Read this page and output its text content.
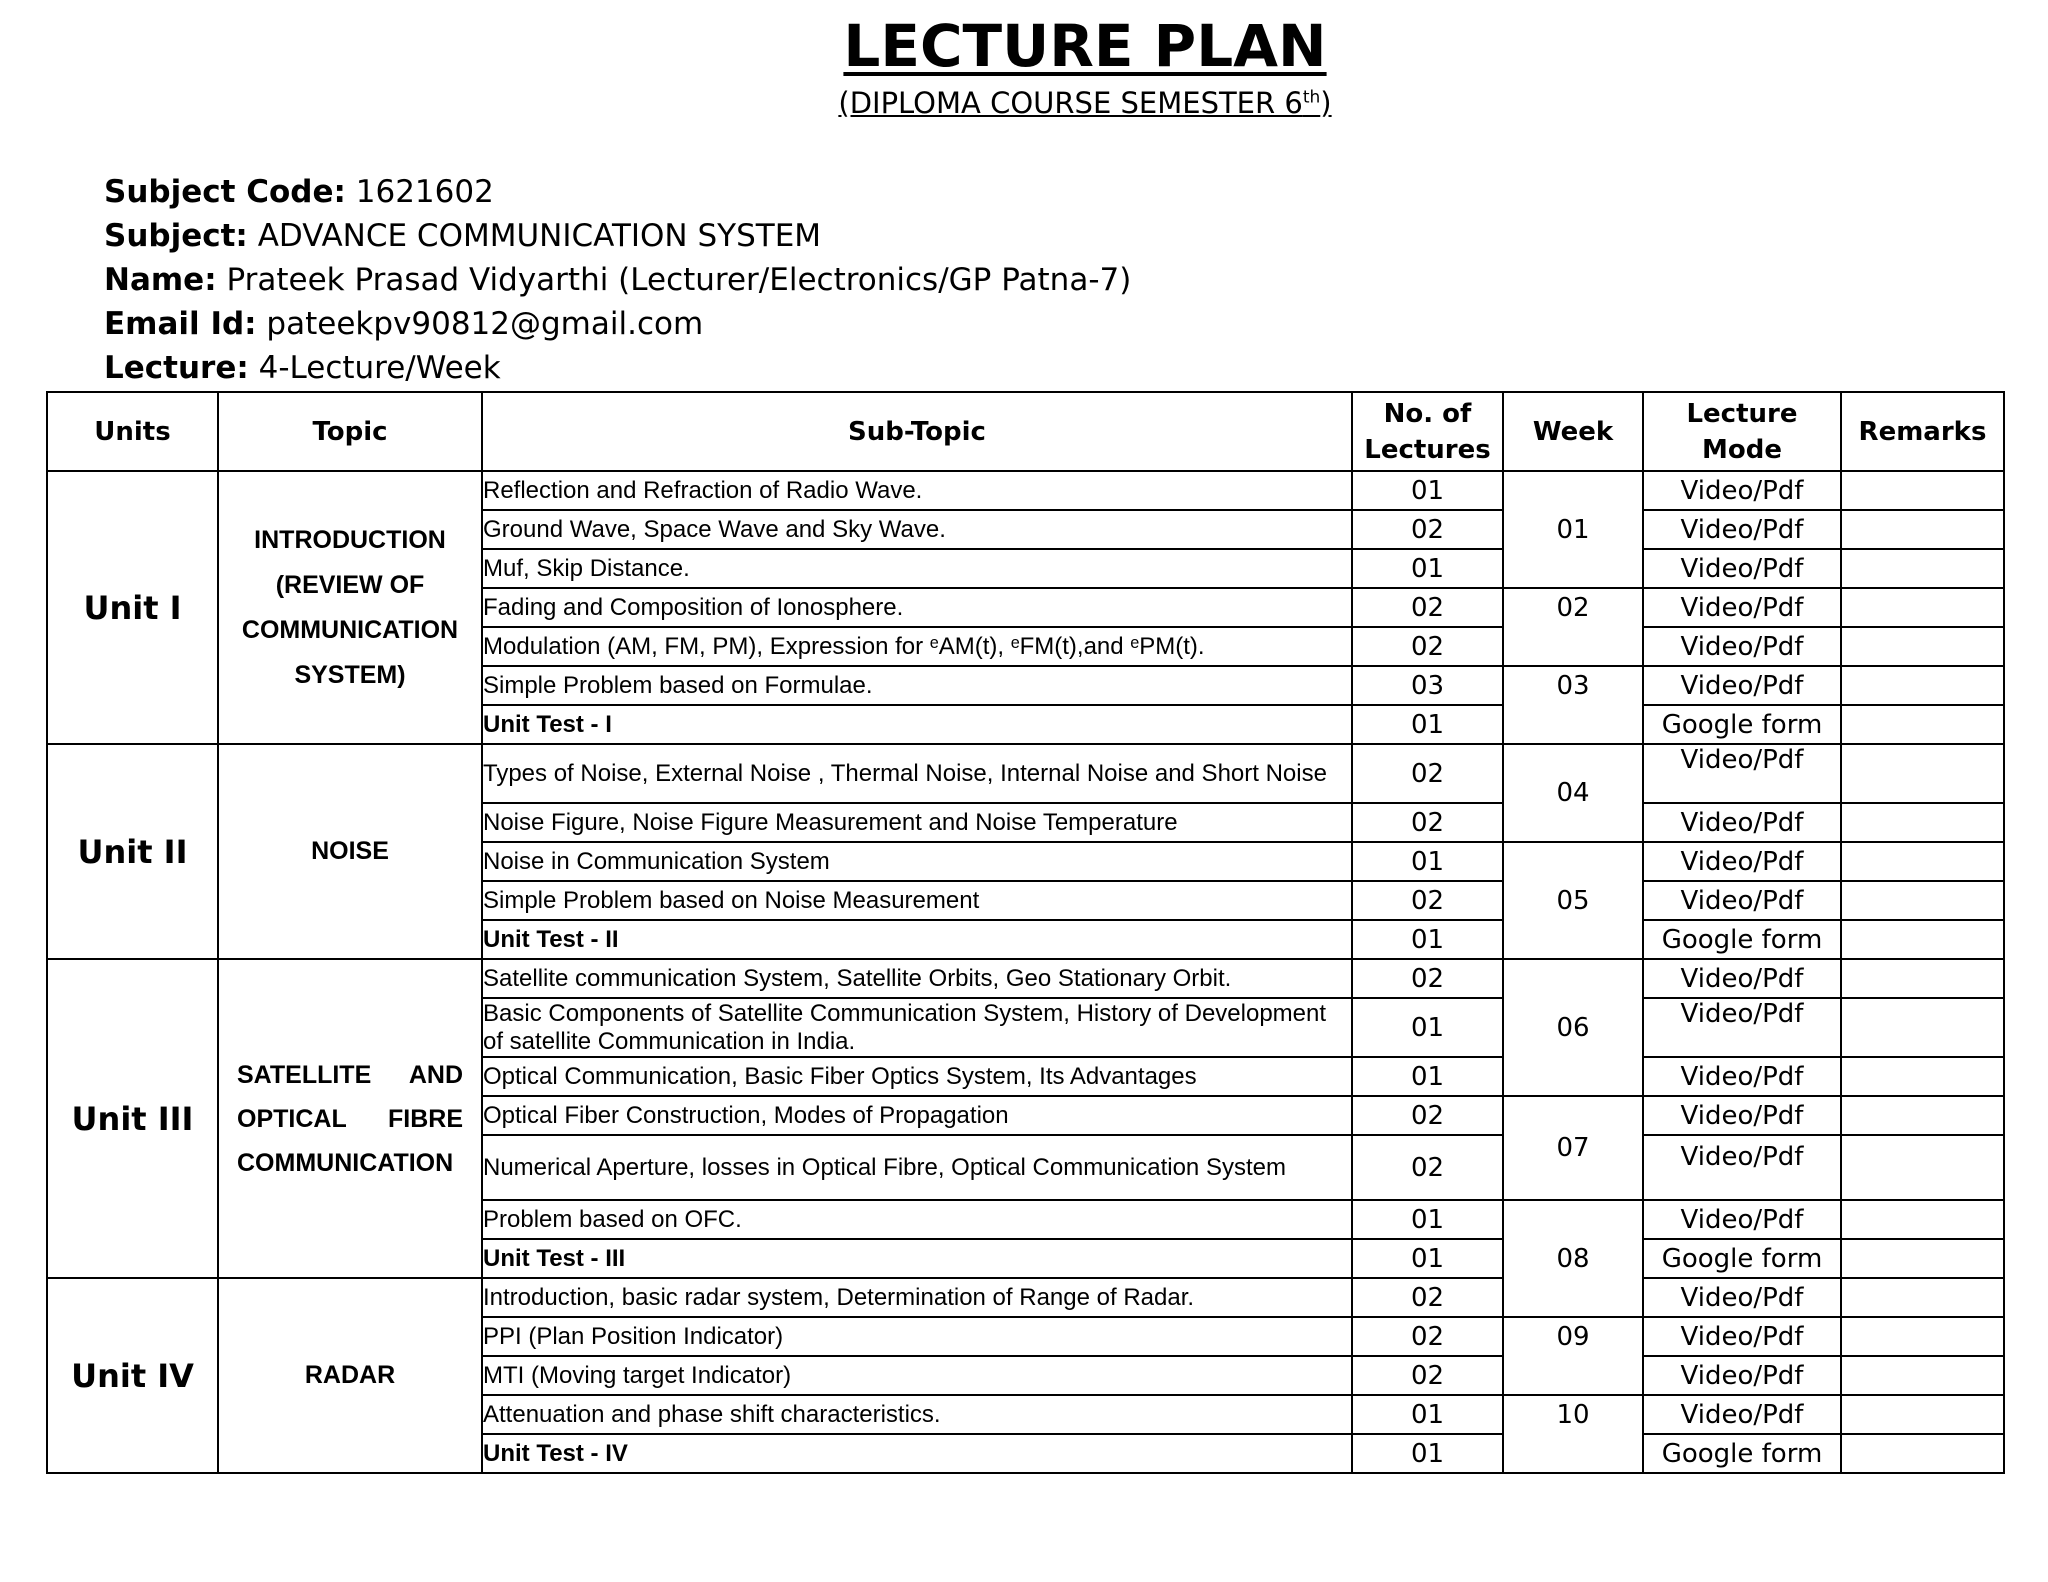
LECTURE PLAN
(DIPLOMA COURSE SEMESTER 6th)
Subject Code: 1621602
Subject: ADVANCE COMMUNICATION SYSTEM
Name: Prateek Prasad Vidyarthi (Lecturer/Electronics/GP Patna-7)
Email Id: pateekpv90812@gmail.com
Lecture: 4-Lecture/Week
Units	Topic	Sub-Topic	No. of Lectures	Week	Lecture Mode	Remarks
Unit I	INTRODUCTION (REVIEW OF COMMUNICATION SYSTEM)	Reflection and Refraction of Radio Wave.	01	01	Video/Pdf	
		Ground Wave, Space Wave and Sky Wave.	02		Video/Pdf	
		Muf, Skip Distance.	01		Video/Pdf	
		Fading and Composition of Ionosphere.	02	02	Video/Pdf	
		Modulation (AM, FM, PM), Expression for ᵉAM(t), ᵉFM(t),and ᵉPM(t).	02		Video/Pdf	
		Simple Problem based on Formulae.	03	03	Video/Pdf	
		Unit Test - I	01		Google form	
Unit II	NOISE	Types of Noise, External Noise , Thermal Noise, Internal Noise and Short Noise	02	04	Video/Pdf	
		Noise Figure, Noise Figure Measurement and Noise Temperature	02		Video/Pdf	
		Noise in Communication System	01	05	Video/Pdf	
		Simple Problem based on Noise Measurement	02		Video/Pdf	
		Unit Test - II	01		Google form	
Unit III	SATELLITE AND OPTICAL FIBRE COMMUNICATION	Satellite communication System, Satellite Orbits, Geo Stationary Orbit.	02	06	Video/Pdf	
		Basic Components of Satellite Communication System, History of Development of satellite Communication in India.	01		Video/Pdf	
		Optical Communication, Basic Fiber Optics System, Its Advantages	01		Video/Pdf	
		Optical Fiber Construction, Modes of Propagation	02	07	Video/Pdf	
		Numerical Aperture, losses in Optical Fibre, Optical Communication System	02		Video/Pdf	
		Problem based on OFC.	01	08	Video/Pdf	
		Unit Test - III	01		Google form	
Unit IV	RADAR	Introduction, basic radar system, Determination of Range of Radar.	02		Video/Pdf	
		PPI (Plan Position Indicator)	02	09	Video/Pdf	
		MTI (Moving target Indicator)	02		Video/Pdf	
		Attenuation and phase shift characteristics.	01	10	Video/Pdf	
		Unit Test - IV	01		Google form	
